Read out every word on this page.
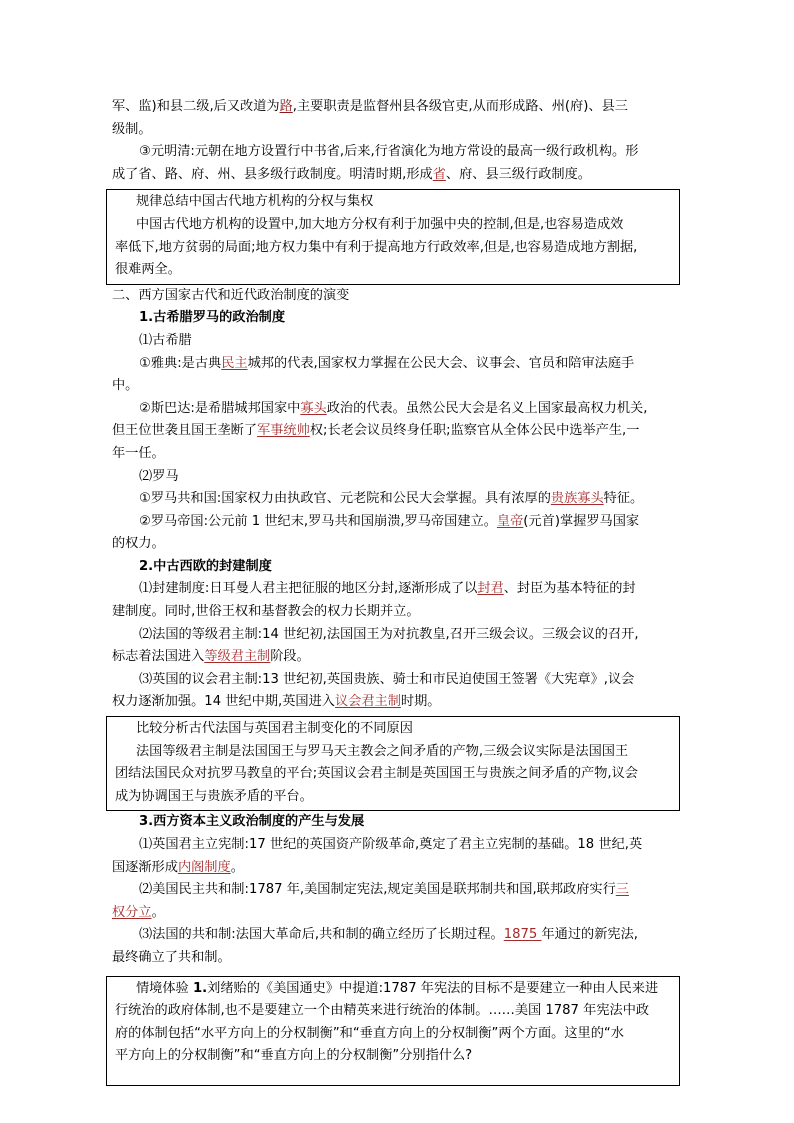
军、监)和县二级,后又改道为路,主要职责是监督州县各级官吏,从而形成路、州(府)、县三
级制。
③元明清:元朝在地方设置行中书省,后来,行省演化为地方常设的最高一级行政机构。形
成了省、路、府、州、县多级行政制度。明清时期,形成省、府、县三级行政制度。
规律总结中国古代地方机构的分权与集权
中国古代地方机构的设置中,加大地方分权有利于加强中央的控制,但是,也容易造成效
率低下,地方贫弱的局面;地方权力集中有利于提高地方行政效率,但是,也容易造成地方割据,
很难两全。
二、西方国家古代和近代政治制度的演变
1.古希腊罗马的政治制度
⑴古希腊
①雅典:是古典民主城邦的代表,国家权力掌握在公民大会、议事会、官员和陪审法庭手
中。
②斯巴达:是希腊城邦国家中寡头政治的代表。虽然公民大会是名义上国家最高权力机关,
但王位世袭且国王垄断了军事统帅权;长老会议员终身任职;监察官从全体公民中选举产生,一
年一任。
⑵罗马
①罗马共和国:国家权力由执政官、元老院和公民大会掌握。具有浓厚的贵族寡头特征。
②罗马帝国:公元前 1 世纪末,罗马共和国崩溃,罗马帝国建立。皇帝(元首)掌握罗马国家
的权力。
2.中古西欧的封建制度
⑴封建制度:日耳曼人君主把征服的地区分封,逐渐形成了以封君、封臣为基本特征的封
建制度。同时,世俗王权和基督教会的权力长期并立。
⑵法国的等级君主制:14 世纪初,法国国王为对抗教皇,召开三级会议。三级会议的召开,
标志着法国进入等级君主制阶段。
⑶英国的议会君主制:13 世纪初,英国贵族、骑士和市民迫使国王签署《大宪章》,议会
权力逐渐加强。14 世纪中期,英国进入议会君主制时期。
比较分析古代法国与英国君主制变化的不同原因
法国等级君主制是法国国王与罗马天主教会之间矛盾的产物,三级会议实际是法国国王
团结法国民众对抗罗马教皇的平台;英国议会君主制是英国国王与贵族之间矛盾的产物,议会
成为协调国王与贵族矛盾的平台。
3.西方资本主义政治制度的产生与发展
⑴英国君主立宪制:17 世纪的英国资产阶级革命,奠定了君主立宪制的基础。18 世纪,英
国逐渐形成内阁制度。
⑵美国民主共和制:1787 年,美国制定宪法,规定美国是联邦制共和国,联邦政府实行三
权分立。
⑶法国的共和制:法国大革命后,共和制的确立经历了长期过程。1875 年通过的新宪法,
最终确立了共和制。
情境体验 1.刘绪贻的《美国通史》中提道:1787 年宪法的目标不是要建立一种由人民来进
行统治的政府体制,也不是要建立一个由精英来进行统治的体制。……美国 1787 年宪法中政
府的体制包括“水平方向上的分权制衡”和“垂直方向上的分权制衡”两个方面。这里的“水
平方向上的分权制衡”和“垂直方向上的分权制衡”分别指什么?
